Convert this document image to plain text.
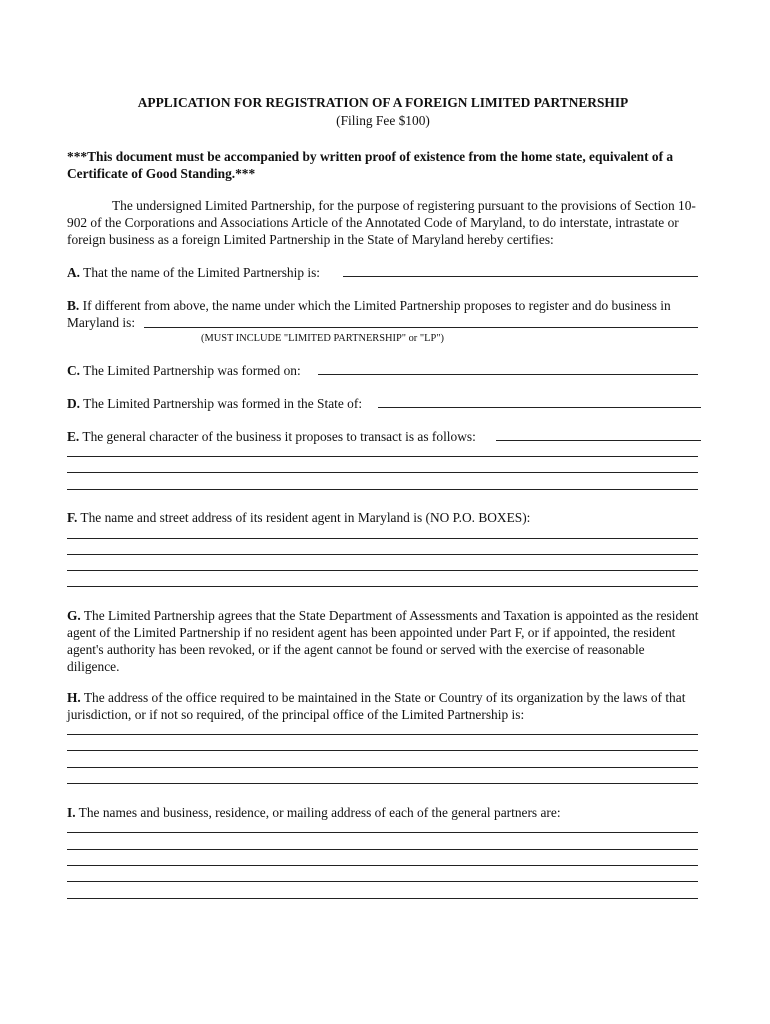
APPLICATION FOR REGISTRATION OF A FOREIGN LIMITED PARTNERSHIP
(Filing Fee $100)
***This document must be accompanied by written proof of existence from the home state, equivalent of a Certificate of Good Standing.***
The undersigned Limited Partnership, for the purpose of registering pursuant to the provisions of Section 10-902 of the Corporations and Associations Article of the Annotated Code of Maryland, to do interstate, intrastate or foreign business as a foreign Limited Partnership in the State of Maryland hereby certifies:
A. That the name of the Limited Partnership is:
B. If different from above, the name under which the Limited Partnership proposes to register and do business in
Maryland is:
(MUST INCLUDE "LIMITED PARTNERSHIP" or "LP")
C. The Limited Partnership was formed on:
D. The Limited Partnership was formed in the State of:
E. The general character of the business it proposes to transact is as follows:
F. The name and street address of its resident agent in Maryland is (NO P.O. BOXES):
G. The Limited Partnership agrees that the State Department of Assessments and Taxation is appointed as the resident agent of the Limited Partnership if no resident agent has been appointed under Part F, or if appointed, the resident agent's authority has been revoked, or if the agent cannot be found or served with the exercise of reasonable diligence.
H. The address of the office required to be maintained in the State or Country of its organization by the laws of that jurisdiction, or if not so required, of the principal office of the Limited Partnership is:
I. The names and business, residence, or mailing address of each of the general partners are:
